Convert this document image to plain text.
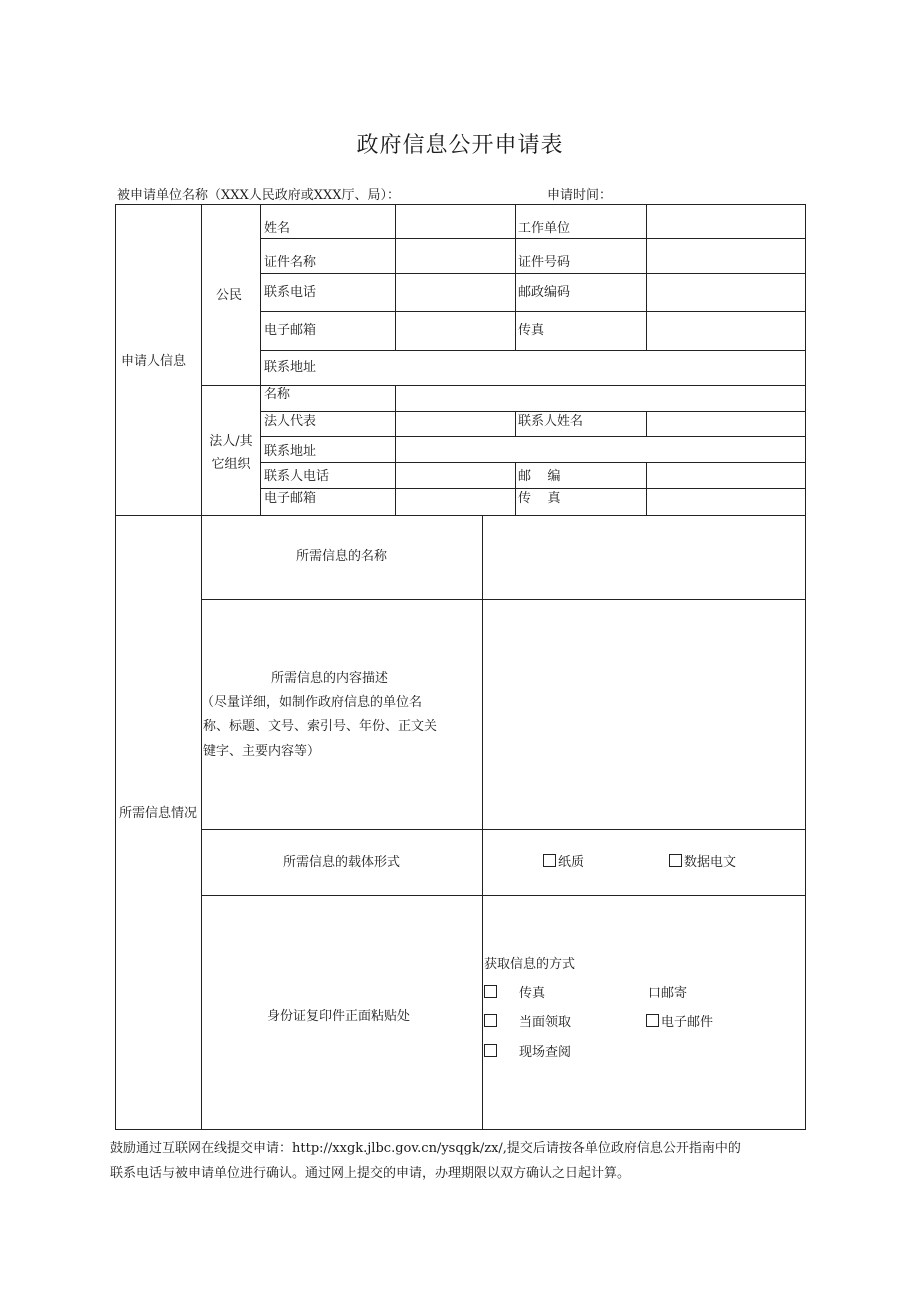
政府信息公开申请表
被申请单位名称（XXX人民政府或XXX厅、局）：	申请时间：
申请人信息
公民
法人/其它组织
姓名	工作单位
证件名称	证件号码
联系电话	邮政编码
电子邮箱	传真
联系地址
名称
法人代表	联系人姓名
联系地址
联系人电话	邮    编
电子邮箱	传    真
所需信息情况
所需信息的名称
所需信息的内容描述
（尽量详细，如制作政府信息的单位名
称、标题、文号、索引号、年份、正文关
键字、主要内容等）
所需信息的载体形式	纸质	数据电文
身份证复印件正面粘贴处
获取信息的方式
传真	口邮寄
当面领取	电子邮件
现场查阅
鼓励通过互联网在线提交申请：http://xxgk.jlbc.gov.cn/ysqgk/zx/,提交后请按各单位政府信息公开指南中的
联系电话与被申请单位进行确认。通过网上提交的申请，办理期限以双方确认之日起计算。
